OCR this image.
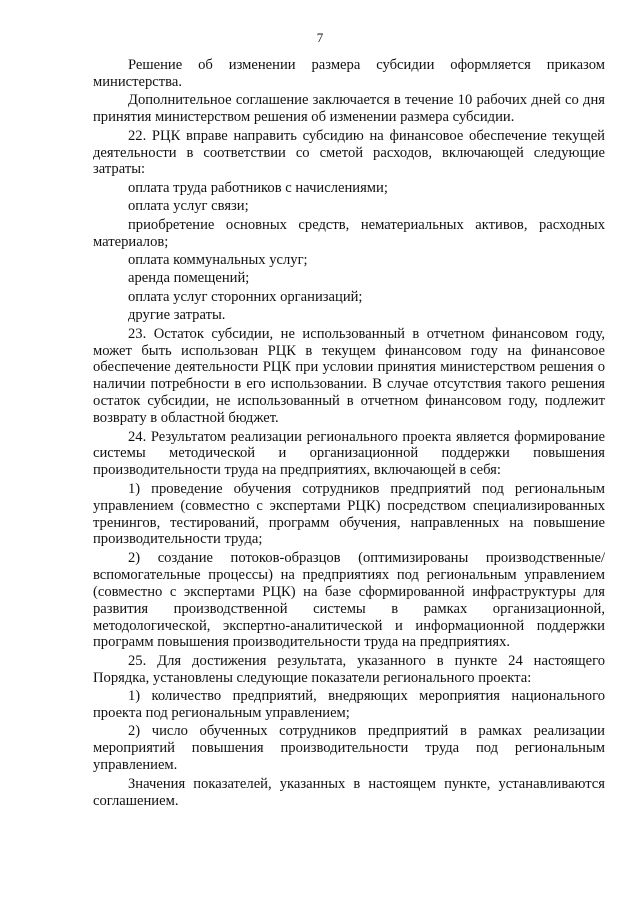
7

Решение об изменении размера субсидии оформляется приказом министерства.

Дополнительное соглашение заключается в течение 10 рабочих дней со дня принятия министерством решения об изменении размера субсидии.

22. РЦК вправе направить субсидию на финансовое обеспечение текущей деятельности в соответствии со сметой расходов, включающей следующие затраты:

оплата труда работников с начислениями;

оплата услуг связи;

приобретение основных средств, нематериальных активов, расходных материалов;

оплата коммунальных услуг;

аренда помещений;

оплата услуг сторонних организаций;

другие затраты.

23. Остаток субсидии, не использованный в отчетном финансовом году, может быть использован РЦК в текущем финансовом году на финансовое обеспечение деятельности РЦК при условии принятия министерством решения о наличии потребности в его использовании. В случае отсутствия такого решения остаток субсидии, не использованный в отчетном финансовом году, подлежит возврату в областной бюджет.

24. Результатом реализации регионального проекта является формирование системы методической и организационной поддержки повышения производительности труда на предприятиях, включающей в себя:

1) проведение обучения сотрудников предприятий под региональным управлением (совместно с экспертами РЦК) посредством специализированных тренингов, тестирований, программ обучения, направленных на повышение производительности труда;

2) создание потоков-образцов (оптимизированы производственные/ вспомогательные процессы) на предприятиях под региональным управлением (совместно с экспертами РЦК) на базе сформированной инфраструктуры для развития производственной системы в рамках организационной, методологической, экспертно-аналитической и информационной поддержки программ повышения производительности труда на предприятиях.

25. Для достижения результата, указанного в пункте 24 настоящего Порядка, установлены следующие показатели регионального проекта:

1) количество предприятий, внедряющих мероприятия национального проекта под региональным управлением;

2) число обученных сотрудников предприятий в рамках реализации мероприятий повышения производительности труда под региональным управлением.

Значения показателей, указанных в настоящем пункте, устанавливаются соглашением.
